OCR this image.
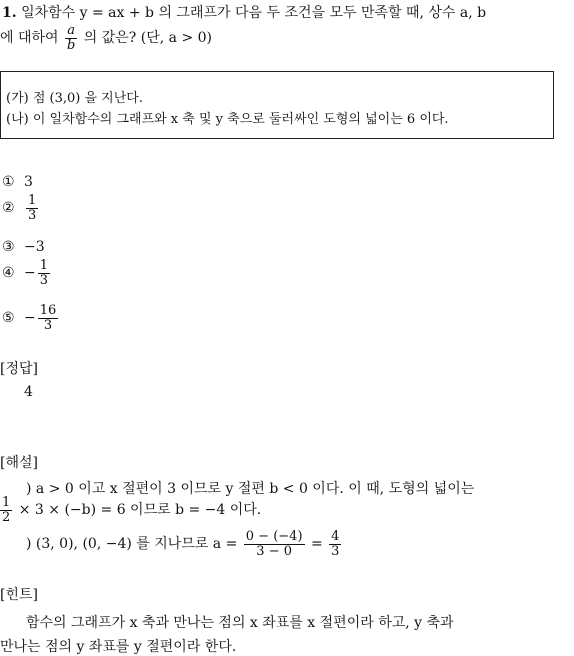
1. 일차함수 y = ax + b 의 그래프가 다음 두 조건을 모두 만족할 때, 상수 a, b
에 대하여 $\frac{a}{b}$ 의 값은? (단, a > 0)
(가) 점 (3,0) 을 지난다.
(나) 이 일차함수의 그래프와 x 축 및 y 축으로 둘러싸인 도형의 넓이는 6 이다.
① 3
② $\frac{1}{3}$
③ −3
④ − $\frac{1}{3}$
⑤ − $\frac{16}{3}$
[정답]
4
[해설]
) a > 0 이고 x 절편이 3 이므로 y 절편 b < 0 이다. 이 때, 도형의 넓이는
$\frac{1}{2} \times 3 \times (-b) = 6$ 이므로 b = −4 이다.
) (3, 0), (0, −4) 를 지나므로 $a = \frac{0 - (-4)}{3 - 0} = \frac{4}{3}$
[힌트]
함수의 그래프가 x 축과 만나는 점의 x 좌표를 x 절편이라 하고, y 축과
만나는 점의 y 좌표를 y 절편이라 한다.
